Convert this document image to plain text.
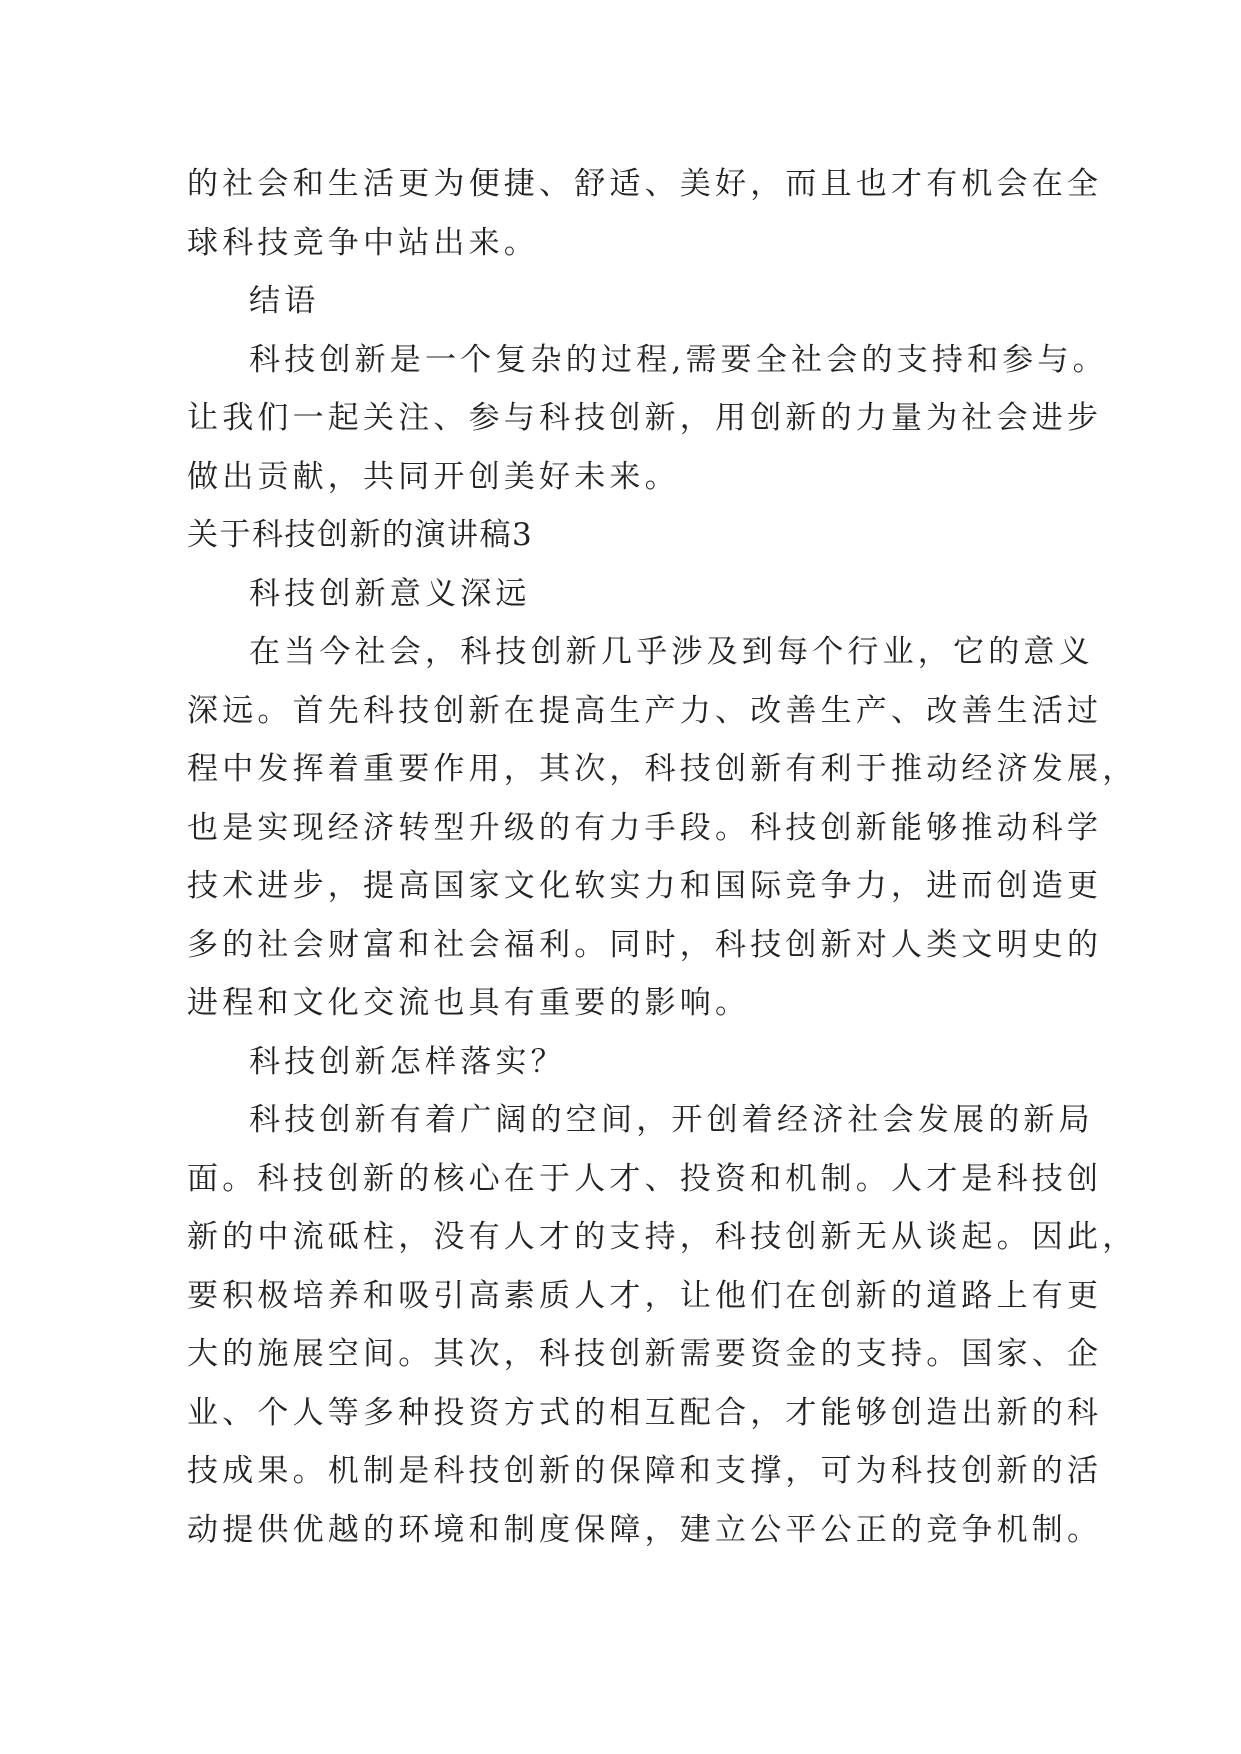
的社会和生活更为便捷、舒适、美好，而且也才有机会在全
球科技竞争中站出来。
结语
科技创新是一个复杂的过程,需要全社会的支持和参与。
让我们一起关注、参与科技创新，用创新的力量为社会进步
做出贡献，共同开创美好未来。
关于科技创新的演讲稿3
科技创新意义深远
在当今社会，科技创新几乎涉及到每个行业，它的意义
深远。首先科技创新在提高生产力、改善生产、改善生活过
程中发挥着重要作用，其次，科技创新有利于推动经济发展，
也是实现经济转型升级的有力手段。科技创新能够推动科学
技术进步，提高国家文化软实力和国际竞争力，进而创造更
多的社会财富和社会福利。同时，科技创新对人类文明史的
进程和文化交流也具有重要的影响。
科技创新怎样落实？
科技创新有着广阔的空间，开创着经济社会发展的新局
面。科技创新的核心在于人才、投资和机制。人才是科技创
新的中流砥柱，没有人才的支持，科技创新无从谈起。因此，
要积极培养和吸引高素质人才，让他们在创新的道路上有更
大的施展空间。其次，科技创新需要资金的支持。国家、企
业、个人等多种投资方式的相互配合，才能够创造出新的科
技成果。机制是科技创新的保障和支撑，可为科技创新的活
动提供优越的环境和制度保障，建立公平公正的竞争机制。
